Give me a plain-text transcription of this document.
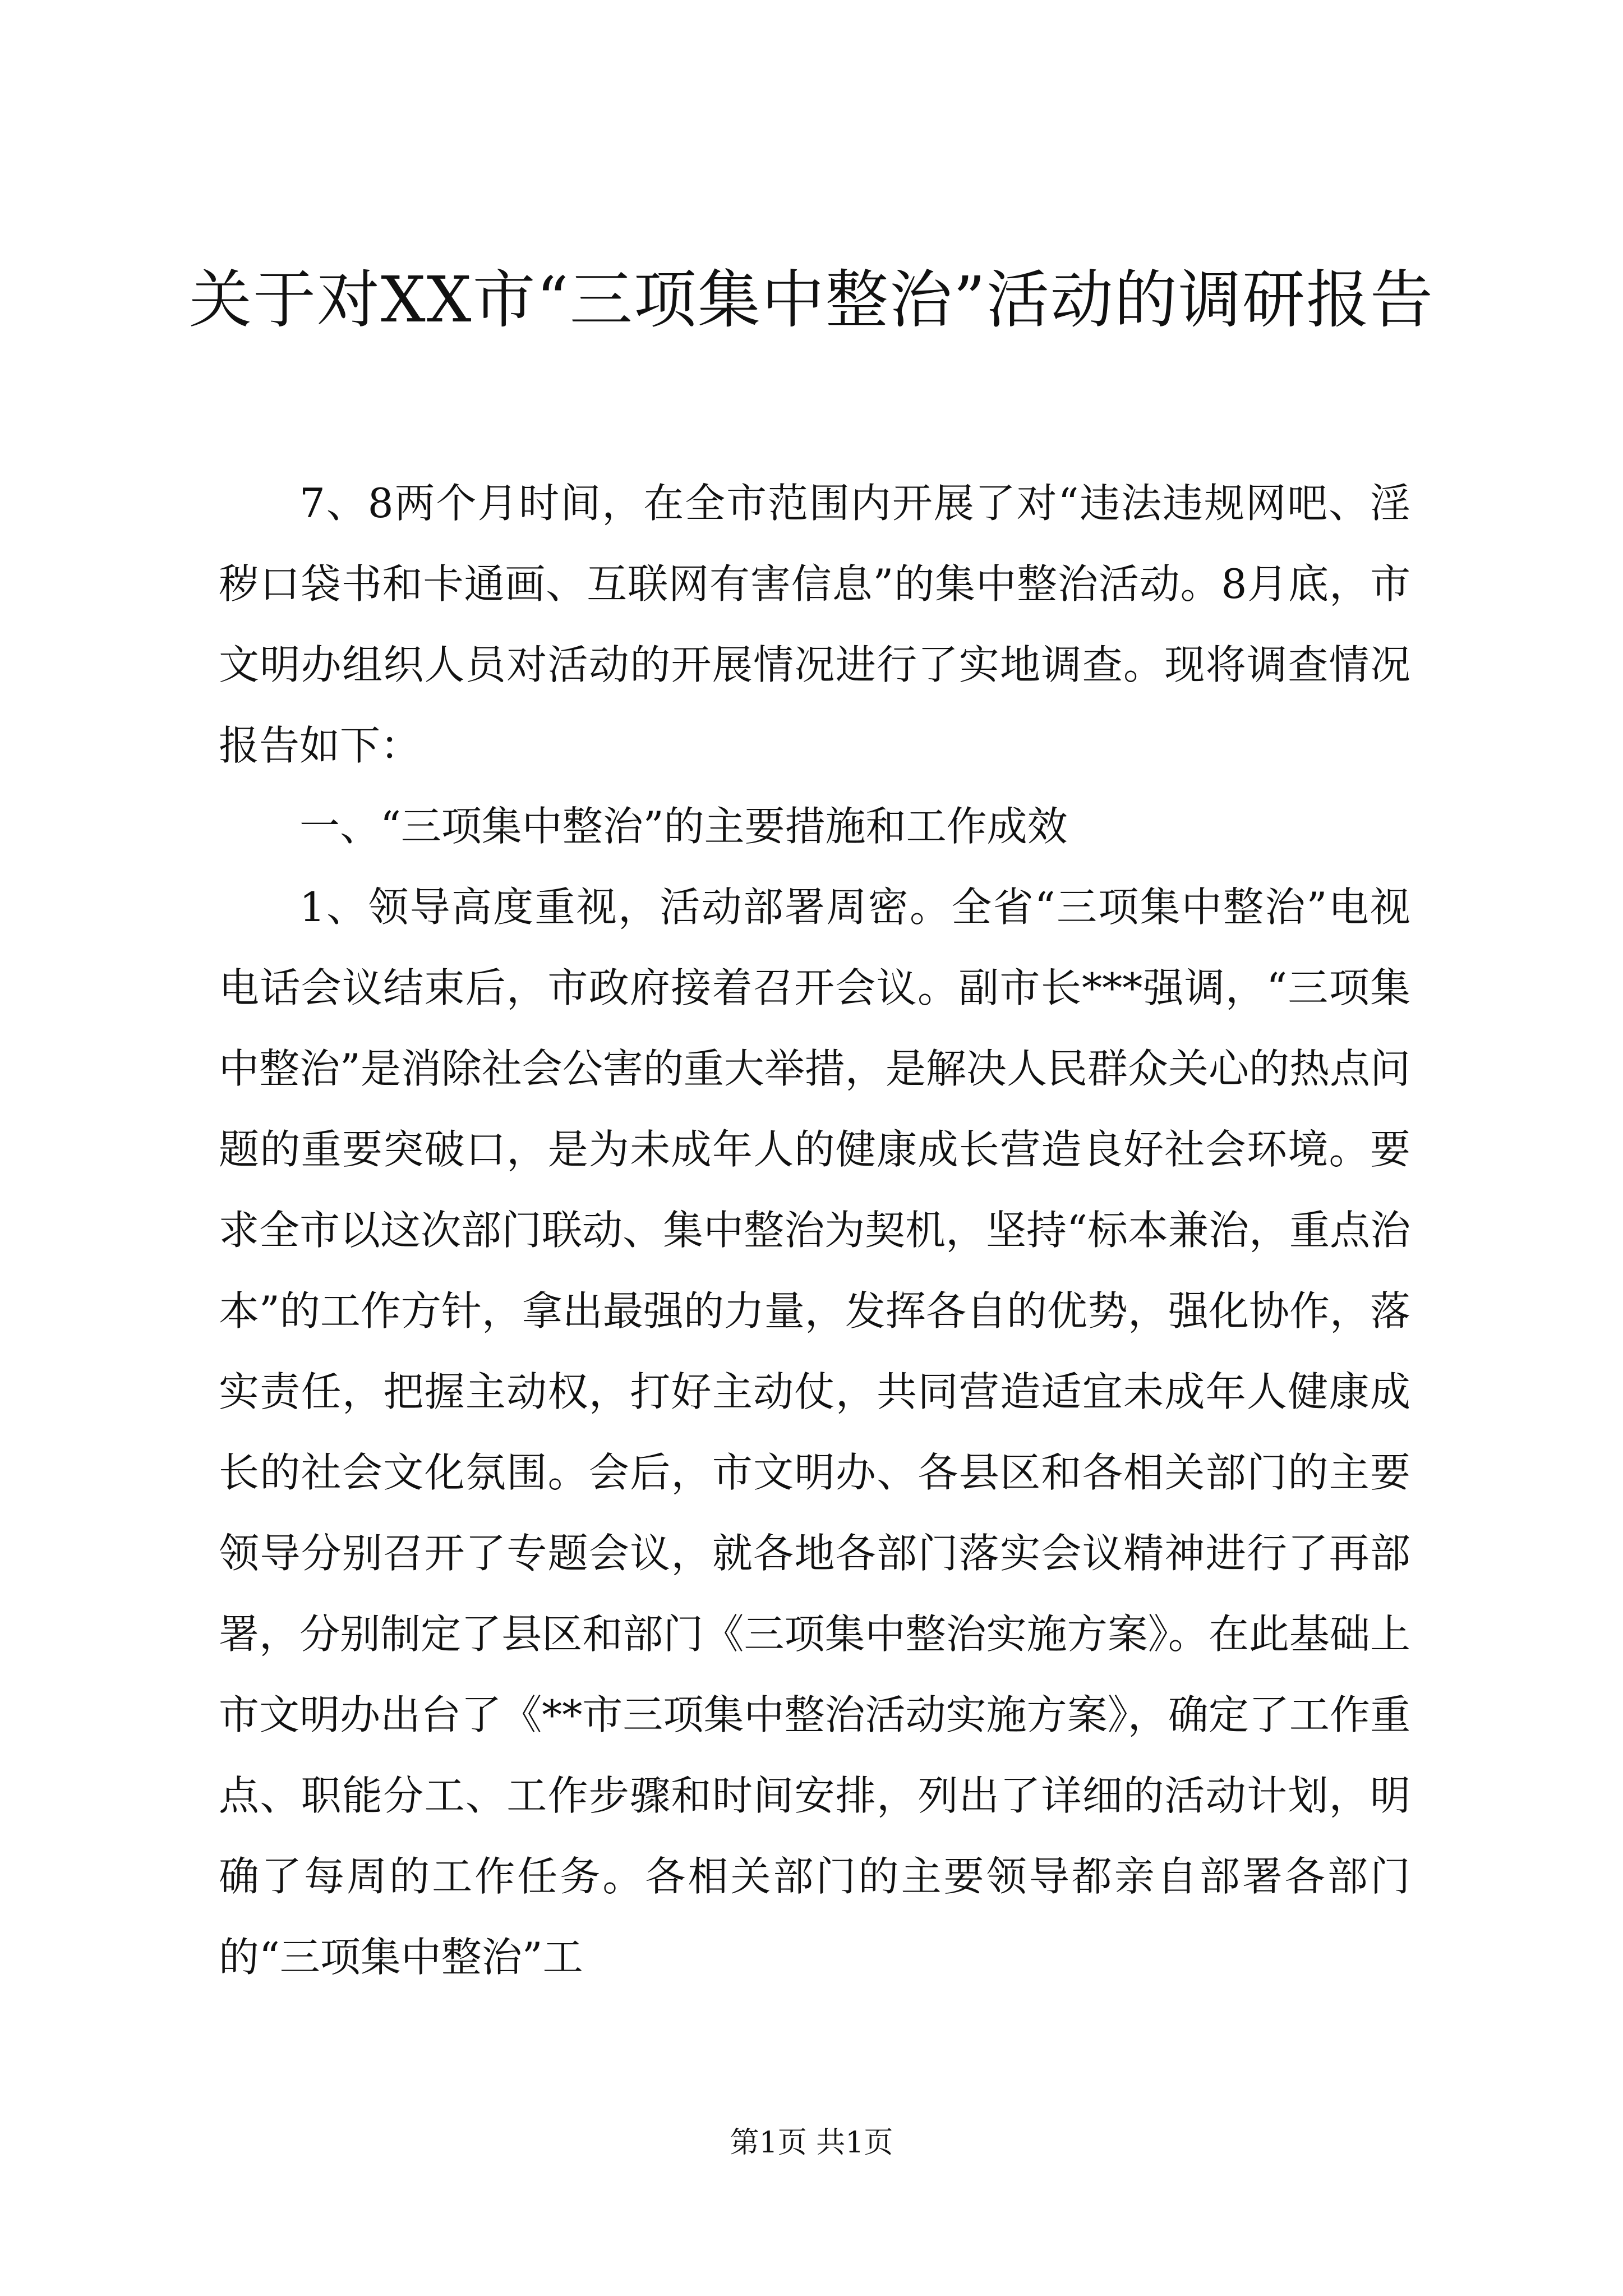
关于对XX市“三项集中整治”活动的调研报告

7、8两个月时间，在全市范围内开展了对“违法违规网吧、淫秽口袋书和卡通画、互联网有害信息”的集中整治活动。8月底，市文明办组织人员对活动的开展情况进行了实地调查。现将调查情况报告如下：

一、“三项集中整治”的主要措施和工作成效

1、领导高度重视，活动部署周密。全省“三项集中整治”电视电话会议结束后，市政府接着召开会议。副市长***强调，“三项集中整治”是消除社会公害的重大举措，是解决人民群众关心的热点问题的重要突破口，是为未成年人的健康成长营造良好社会环境。要求全市以这次部门联动、集中整治为契机，坚持“标本兼治，重点治本”的工作方针，拿出最强的力量，发挥各自的优势，强化协作，落实责任，把握主动权，打好主动仗，共同营造适宜未成年人健康成长的社会文化氛围。会后，市文明办、各县区和各相关部门的主要领导分别召开了专题会议，就各地各部门落实会议精神进行了再部署，分别制定了县区和部门《三项集中整治实施方案》。在此基础上市文明办出台了《**市三项集中整治活动实施方案》，确定了工作重点、职能分工、工作步骤和时间安排，列出了详细的活动计划，明确了每周的工作任务。各相关部门的主要领导都亲自部署各部门的“三项集中整治”工

第1页 共1页
